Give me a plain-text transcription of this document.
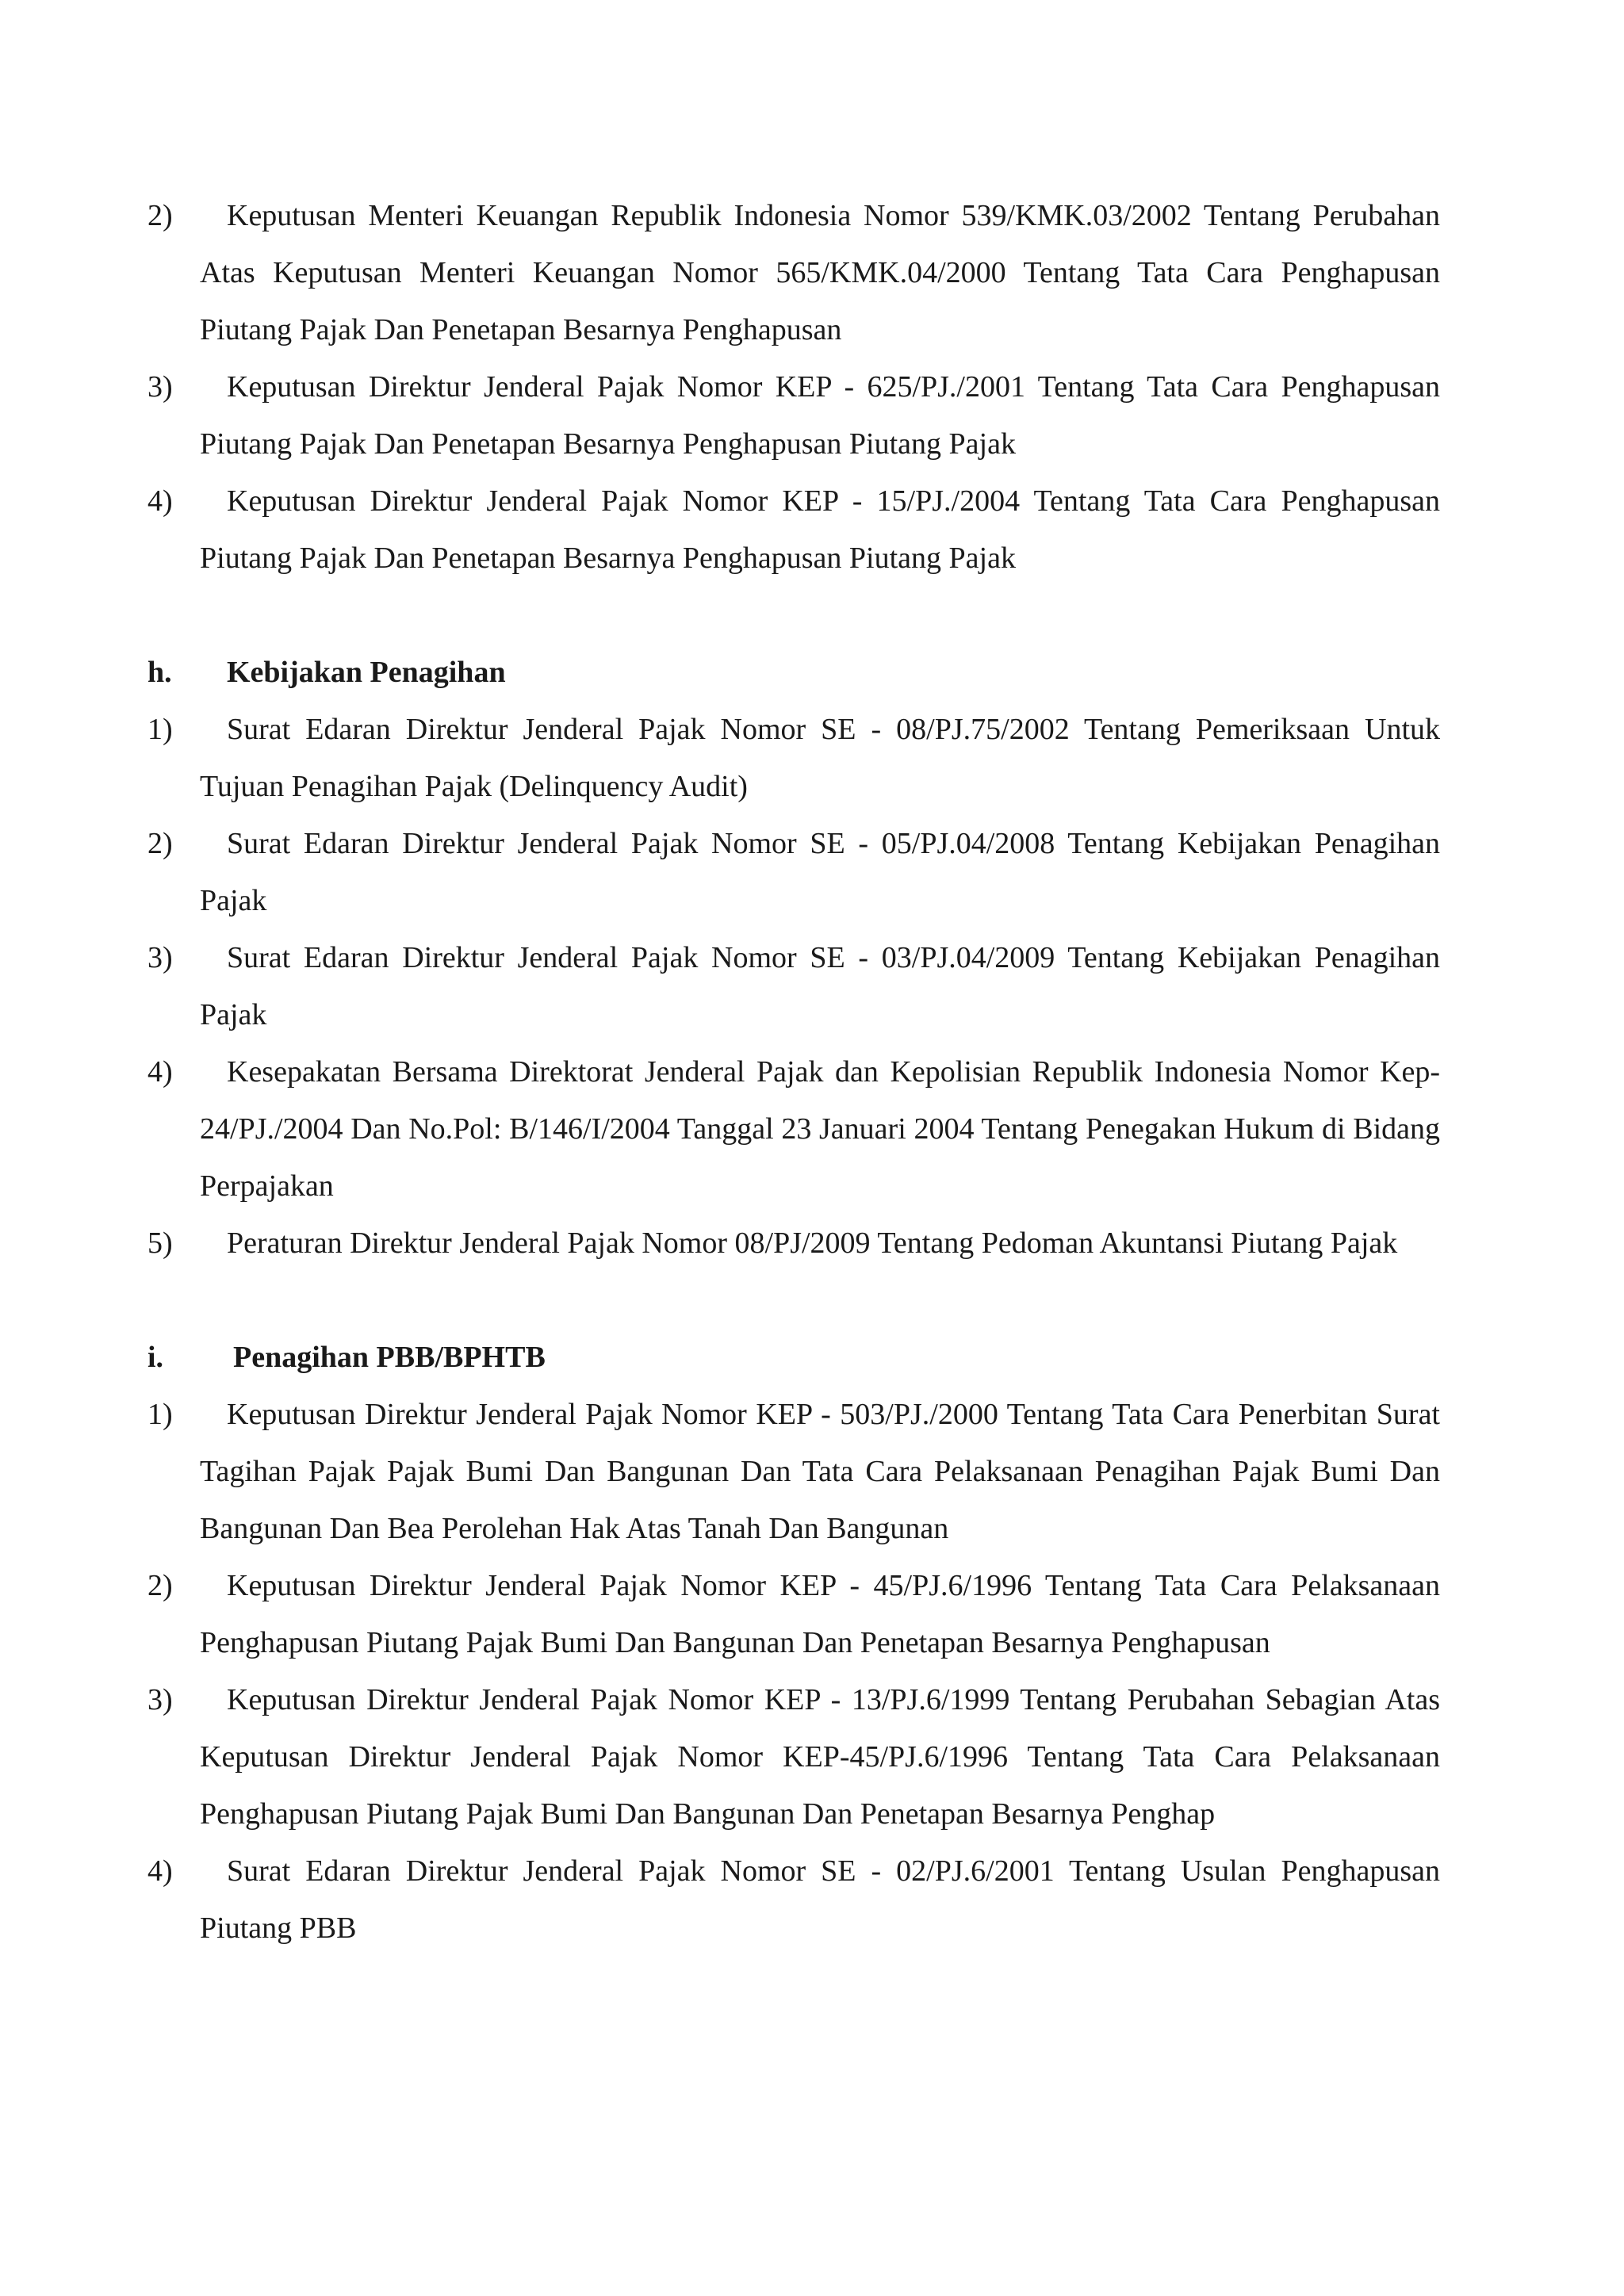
2)	Keputusan Menteri Keuangan Republik Indonesia Nomor 539/KMK.03/2002 Tentang Perubahan Atas Keputusan Menteri Keuangan Nomor 565/KMK.04/2000 Tentang Tata Cara Penghapusan Piutang Pajak Dan Penetapan Besarnya Penghapusan
3)	Keputusan Direktur Jenderal Pajak Nomor KEP - 625/PJ./2001 Tentang Tata Cara Penghapusan Piutang Pajak Dan Penetapan Besarnya Penghapusan Piutang Pajak
4)	Keputusan Direktur Jenderal Pajak Nomor KEP - 15/PJ./2004 Tentang Tata Cara Penghapusan Piutang Pajak Dan Penetapan Besarnya Penghapusan Piutang Pajak
h. Kebijakan Penagihan
1)	Surat Edaran Direktur Jenderal Pajak Nomor SE - 08/PJ.75/2002 Tentang Pemeriksaan Untuk Tujuan Penagihan Pajak (Delinquency Audit)
2)	Surat Edaran Direktur Jenderal Pajak Nomor SE - 05/PJ.04/2008 Tentang Kebijakan Penagihan Pajak
3)	Surat Edaran Direktur Jenderal Pajak Nomor SE - 03/PJ.04/2009 Tentang Kebijakan Penagihan Pajak
4)	Kesepakatan Bersama Direktorat Jenderal Pajak dan Kepolisian Republik Indonesia Nomor Kep-24/PJ./2004 Dan No.Pol: B/146/I/2004 Tanggal 23 Januari 2004 Tentang Penegakan Hukum di Bidang Perpajakan
5)	Peraturan Direktur Jenderal Pajak Nomor 08/PJ/2009 Tentang Pedoman Akuntansi Piutang Pajak
i. Penagihan PBB/BPHTB
1)	Keputusan Direktur Jenderal Pajak Nomor KEP - 503/PJ./2000 Tentang Tata Cara Penerbitan Surat Tagihan Pajak Pajak Bumi Dan Bangunan Dan Tata Cara Pelaksanaan Penagihan Pajak Bumi Dan Bangunan Dan Bea Perolehan Hak Atas Tanah Dan Bangunan
2)	Keputusan Direktur Jenderal Pajak Nomor KEP - 45/PJ.6/1996 Tentang Tata Cara Pelaksanaan Penghapusan Piutang Pajak Bumi Dan Bangunan Dan Penetapan Besarnya Penghapusan
3)	Keputusan Direktur Jenderal Pajak Nomor KEP - 13/PJ.6/1999 Tentang Perubahan Sebagian Atas Keputusan Direktur Jenderal Pajak Nomor KEP-45/PJ.6/1996 Tentang Tata Cara Pelaksanaan Penghapusan Piutang Pajak Bumi Dan Bangunan Dan Penetapan Besarnya Penghap
4)	Surat Edaran Direktur Jenderal Pajak Nomor SE - 02/PJ.6/2001 Tentang Usulan Penghapusan Piutang PBB
